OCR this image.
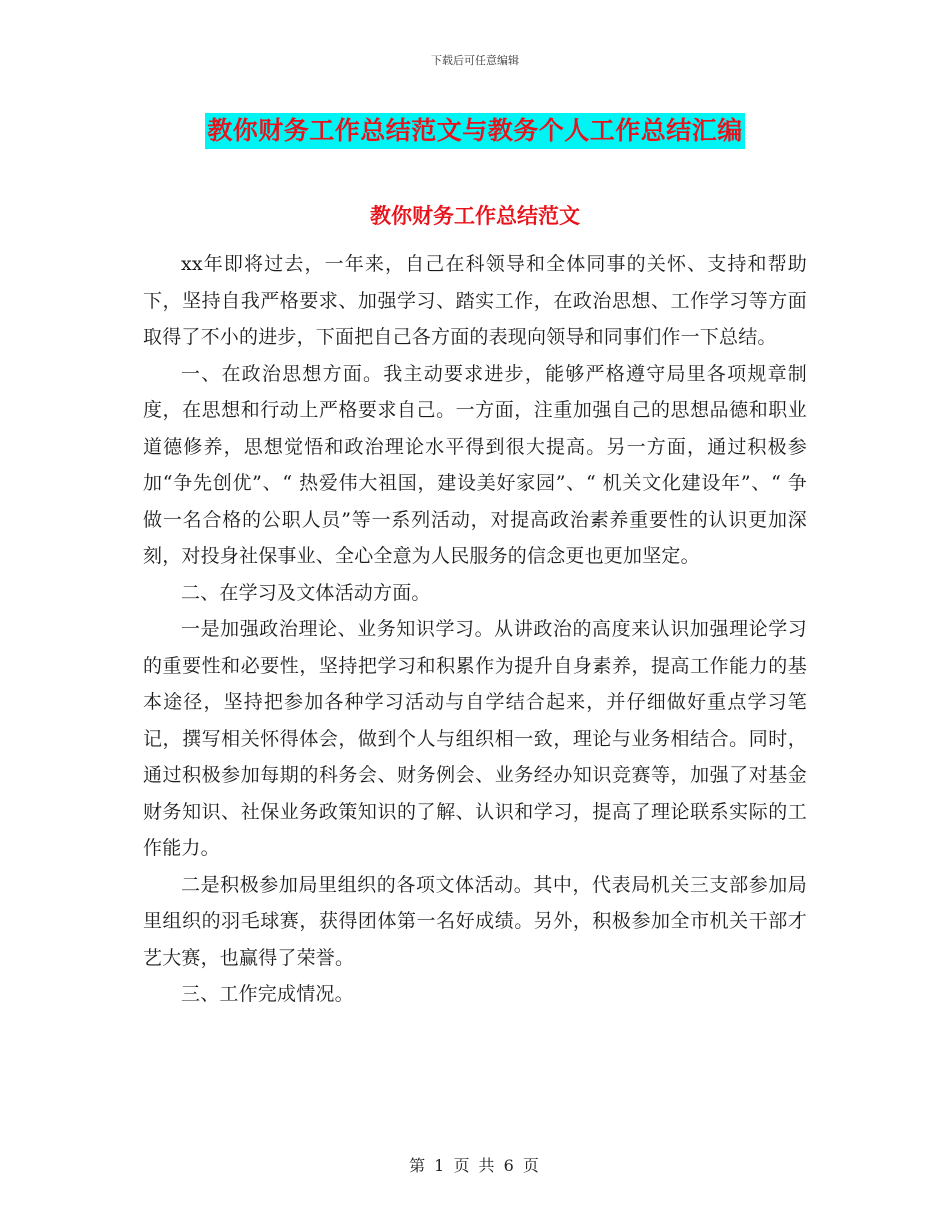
下载后可任意编辑
教你财务工作总结范文与教务个人工作总结汇编
教你财务工作总结范文

xx年即将过去，一年来，自己在科领导和全体同事的关怀、支持和帮助下，坚持自我严格要求、加强学习、踏实工作，在政治思想、工作学习等方面取得了不小的进步，下面把自己各方面的表现向领导和同事们作一下总结。

一、在政治思想方面。我主动要求进步，能够严格遵守局里各项规章制度，在思想和行动上严格要求自己。一方面，注重加强自己的思想品德和职业道德修养，思想觉悟和政治理论水平得到很大提高。另一方面，通过积极参加“争先创优”、“ 热爱伟大祖国，建设美好家园”、“ 机关文化建设年”、“ 争做一名合格的公职人员”等一系列活动，对提高政治素养重要性的认识更加深刻，对投身社保事业、全心全意为人民服务的信念更也更加坚定。

二、在学习及文体活动方面。

一是加强政治理论、业务知识学习。从讲政治的高度来认识加强理论学习的重要性和必要性，坚持把学习和积累作为提升自身素养，提高工作能力的基本途径，坚持把参加各种学习活动与自学结合起来，并仔细做好重点学习笔记，撰写相关怀得体会，做到个人与组织相一致，理论与业务相结合。同时，通过积极参加每期的科务会、财务例会、业务经办知识竞赛等，加强了对基金财务知识、社保业务政策知识的了解、认识和学习，提高了理论联系实际的工作能力。

二是积极参加局里组织的各项文体活动。其中，代表局机关三支部参加局里组织的羽毛球赛，获得团体第一名好成绩。另外，积极参加全市机关干部才艺大赛，也赢得了荣誉。

三、工作完成情况。

第 1 页 共 6 页
